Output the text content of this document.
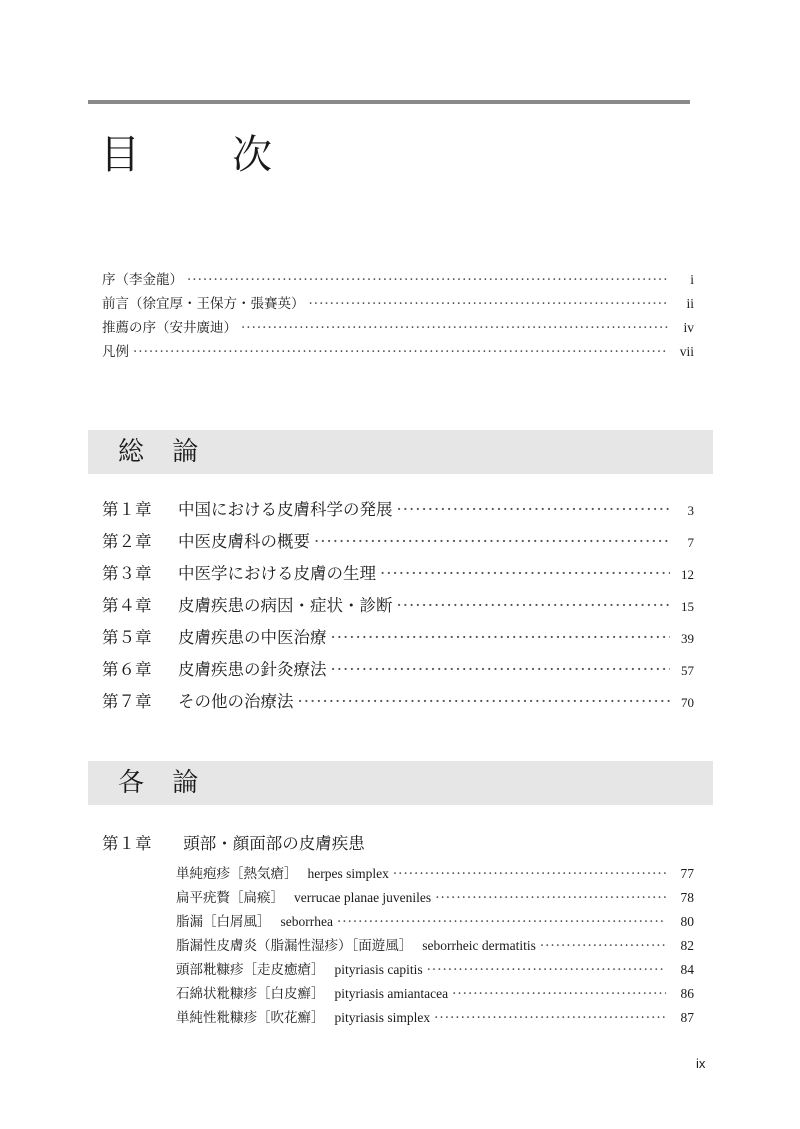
目　次
序（李金龍） ·····	i
前言（徐宜厚・王保方・張賽英） ·····	ii
推薦の序（安井廣迪） ·····	iv
凡例 ·····	vii
総 論
第１章	中国における皮膚科学の発展 ·····	3
第２章	中医皮膚科の概要 ·····	7
第３章	中医学における皮膚の生理 ·····	12
第４章	皮膚疾患の病因・症状・診断 ·····	15
第５章	皮膚疾患の中医治療 ·····	39
第６章	皮膚疾患の針灸療法 ·····	57
第７章	その他の治療法 ·····	70
各 論
第１章 頭部・顔面部の皮膚疾患
単純疱疹［熱気瘡］ herpes simplex ·····	77
扁平疣贅［扁瘊］ verrucae planae juveniles ·····	78
脂漏［白屑風］ seborrhea ·····	80
脂漏性皮膚炎（脂漏性湿疹）［面遊風］ seborrheic dermatitis ·····	82
頭部粃糠疹［走皮癒瘡］ pityriasis capitis ·····	84
石綿状粃糠疹［白皮癬］ pityriasis amiantacea ·····	86
単純性粃糠疹［吹花癬］ pityriasis simplex ·····	87
ix
